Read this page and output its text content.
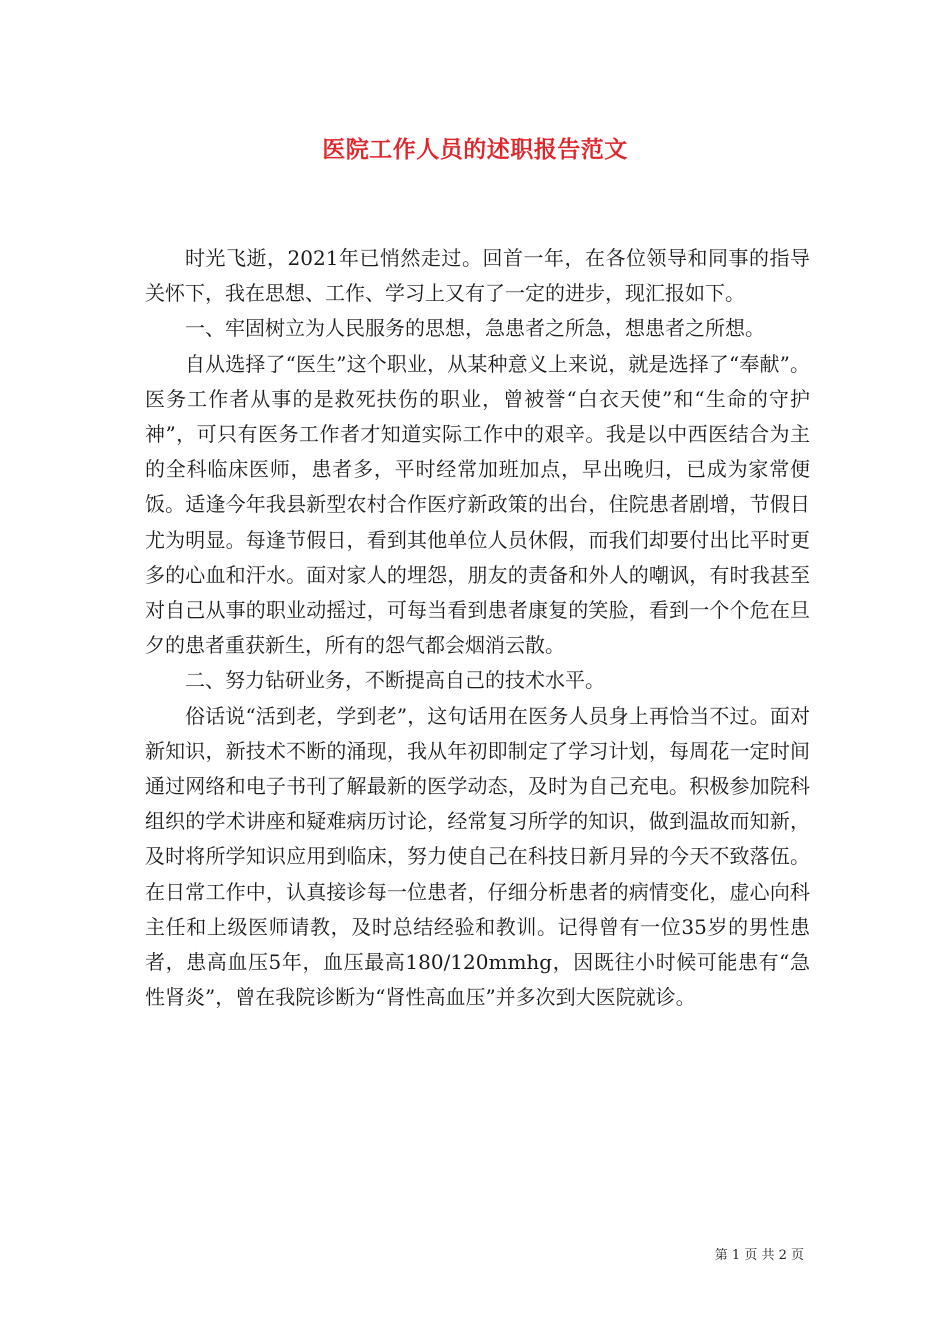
医院工作人员的述职报告范文

时光飞逝，2021年已悄然走过。回首一年，在各位领导和同事的指导关怀下，我在思想、工作、学习上又有了一定的进步，现汇报如下。

一、牢固树立为人民服务的思想，急患者之所急，想患者之所想。

自从选择了“医生”这个职业，从某种意义上来说，就是选择了“奉献”。医务工作者从事的是救死扶伤的职业，曾被誉“白衣天使”和“生命的守护神”，可只有医务工作者才知道实际工作中的艰辛。我是以中西医结合为主的全科临床医师，患者多，平时经常加班加点，早出晚归，已成为家常便饭。适逢今年我县新型农村合作医疗新政策的出台，住院患者剧增，节假日尤为明显。每逢节假日，看到其他单位人员休假，而我们却要付出比平时更多的心血和汗水。面对家人的埋怨，朋友的责备和外人的嘲讽，有时我甚至对自己从事的职业动摇过，可每当看到患者康复的笑脸，看到一个个危在旦夕的患者重获新生，所有的怨气都会烟消云散。

二、努力钻研业务，不断提高自己的技术水平。

俗话说“活到老，学到老”，这句话用在医务人员身上再恰当不过。面对新知识，新技术不断的涌现，我从年初即制定了学习计划，每周花一定时间通过网络和电子书刊了解最新的医学动态，及时为自己充电。积极参加院科组织的学术讲座和疑难病历讨论，经常复习所学的知识，做到温故而知新，及时将所学知识应用到临床，努力使自己在科技日新月异的今天不致落伍。在日常工作中，认真接诊每一位患者，仔细分析患者的病情变化，虚心向科主任和上级医师请教，及时总结经验和教训。记得曾有一位35岁的男性患者，患高血压5年，血压最高180/120mmhg，因既往小时候可能患有“急性肾炎”，曾在我院诊断为“肾性高血压”并多次到大医院就诊。

第 1 页 共 2 页
